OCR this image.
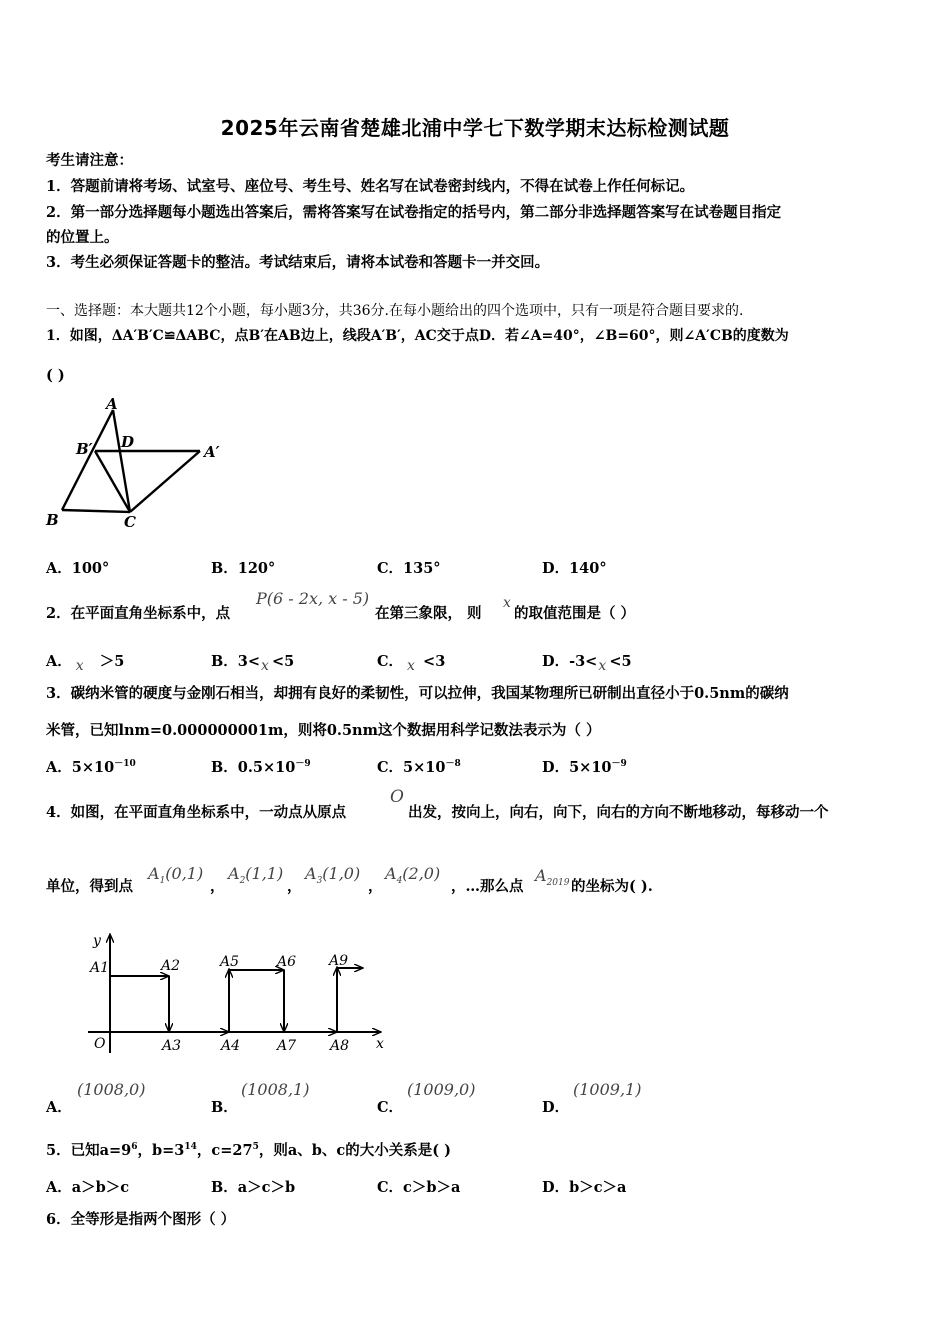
2025年云南省楚雄北浦中学七下数学期末达标检测试题
考生请注意：
1．答题前请将考场、试室号、座位号、考生号、姓名写在试卷密封线内，不得在试卷上作任何标记。
2．第一部分选择题每小题选出答案后，需将答案写在试卷指定的括号内，第二部分非选择题答案写在试卷题目指定
的位置上。
3．考生必须保证答题卡的整洁。考试结束后，请将本试卷和答题卡一并交回。
一、选择题：本大题共12个小题，每小题3分，共36分.在每小题给出的四个选项中，只有一项是符合题目要求的.
1．如图，ΔA′B′C≌ΔABC，点B′在AB边上，线段A′B′，AC交于点D．若∠A=40°，∠B=60°，则∠A′CB的度数为
( )
A
B′ D
A′
B	C
A．100°	B．120°	C．135°	D．140°
2．在平面直角坐标系中，点
P(6 - 2x, x - 5)
在第三象限， 则
x
的取值范围是（ ）
A． x ＞5	B．3< x <5	C． x <3	D．-3< x <5
3．碳纳米管的硬度与金刚石相当，却拥有良好的柔韧性，可以拉伸，我国某物理所已研制出直径小于0.5nm的碳纳
米管，已知lnm=0.000000001m，则将0.5nm这个数据用科学记数法表示为（ ）
A．$5\times 10^{-10}$	B．$0.5\times 10^{-9}$	C．$5\times 10^{-8}$	D．$5\times 10^{-9}$
4．如图，在平面直角坐标系中，一动点从原点
O
出发，按向上，向右，向下，向右的方向不断地移动，每移动一个
单位，得到点
$A_1(0,1)$
，
$A_2(1,1)$
，
$A_3(1,0)$
，
$A_4(2,0)$
，…那么点
$A_{2019}$ 的坐标为( ).
y
x
O
A1	A2
A3	A4
A5	A6
A7 A8
A9
A．
(1008,0)
B．
(1008,1)
C．
(1009,0)
D．
(1009,1)
5．已知$a=9^6$，$b=3^{14}$，$c=27^5$，则a、b、c的大小关系是( )
A．a＞b＞c	B．a＞c＞b	C．c＞b＞a	D．b＞c＞a
6．全等形是指两个图形（ ）
